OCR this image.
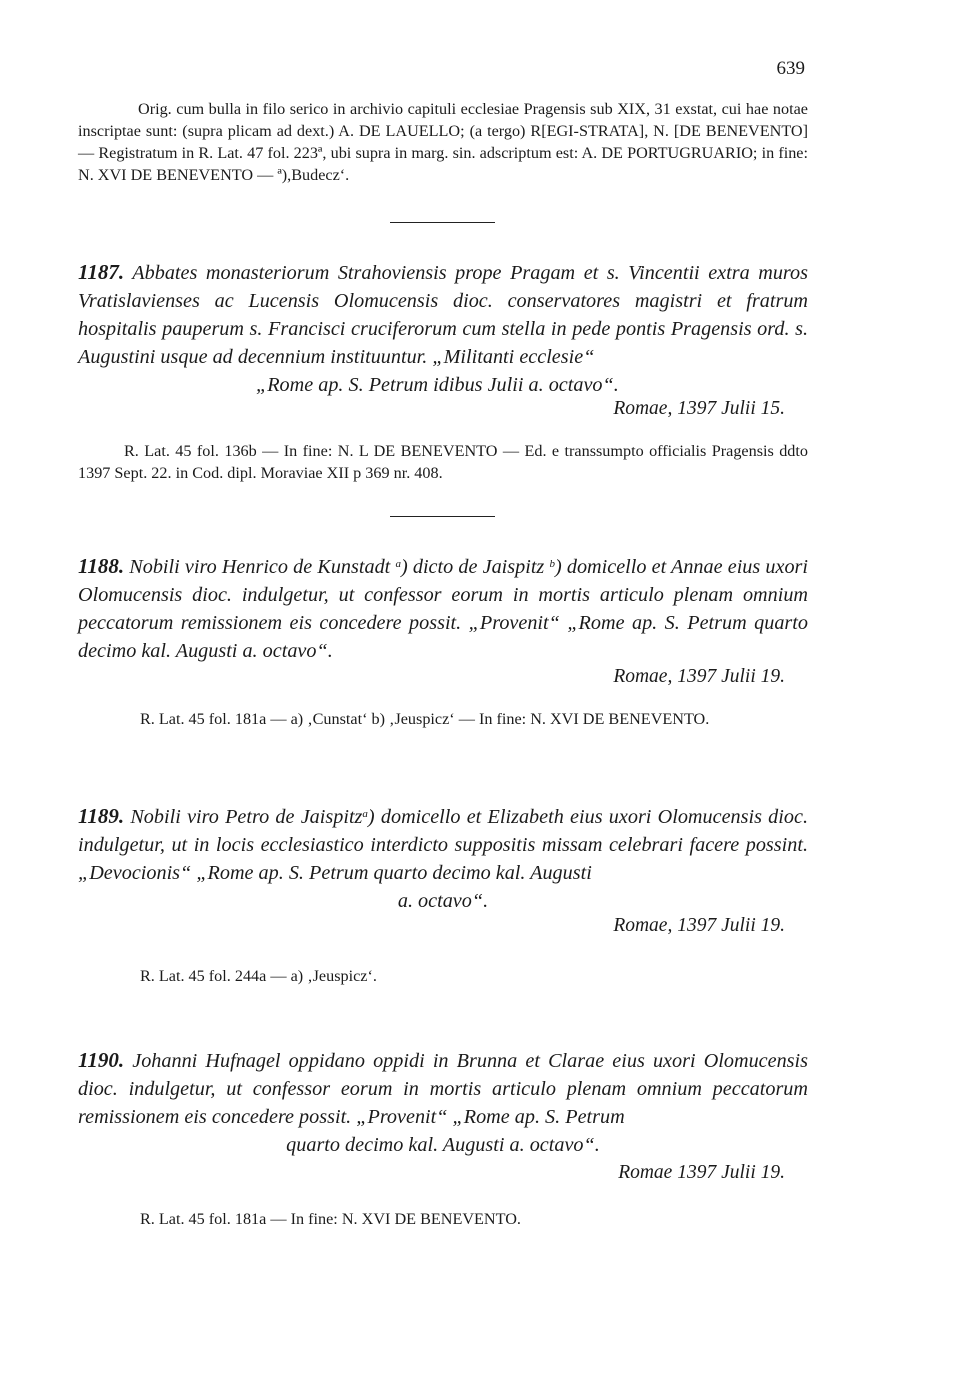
639
Orig. cum bulla in filo serico in archivio capituli ecclesiae Pragensis sub XIX, 31 exstat, cui hae notae inscriptae sunt: (supra plicam ad dext.) A. DE LAUELLO; (a tergo) R[EGI-STRATA], N. [DE BENEVENTO] — Registratum in R. Lat. 47 fol. 223ª, ubi supra in marg. sin. adscriptum est: A. DE PORTUGRUARIO; in fine: N. XVI DE BENEVENTO — ª),Budecz‘.
1187. Abbates monasteriorum Strahoviensis prope Pragam et s. Vincentii extra muros Vratislavienses ac Lucensis Olomucensis dioc. conservatores magistri et fratrum hospitalis pauperum s. Francisci cruciferorum cum stella in pede pontis Pragensis ord. s. Augustini usque ad decennium instituuntur. „Militanti ecclesie“
„Rome ap. S. Petrum idibus Julii a. octavo“.
Romae, 1397 Julii 15.
R. Lat. 45 fol. 136b — In fine: N. L DE BENEVENTO — Ed. e transsumpto officialis Pragensis ddto 1397 Sept. 22. in Cod. dipl. Moraviae XII p 369 nr. 408.
1188. Nobili viro Henrico de Kunstadt $^a$) dicto de Jaispitz $^b$) domicello et Annae eius uxori Olomucensis dioc. indulgetur, ut confessor eorum in mortis articulo plenam omnium peccatorum remissionem eis concedere possit. „Provenit“ „Rome ap. S. Petrum quarto decimo kal. Augusti a. octavo“.
Romae, 1397 Julii 19.
R. Lat. 45 fol. 181a — a) ‚Cunstat‘ b) ‚Jeuspicz‘ — In fine: N. XVI DE BENEVENTO.
1189. Nobili viro Petro de Jaispitz$^a$) domicello et Elizabeth eius uxori Olomucensis dioc. indulgetur, ut in locis ecclesiastico interdicto suppositis missam celebrari facere possint. „Devocionis“ „Rome ap. S. Petrum quarto decimo kal. Augusti
a. octavo“.
Romae, 1397 Julii 19.
R. Lat. 45 fol. 244a — a) ‚Jeuspicz‘.
1190. Johanni Hufnagel oppidano oppidi in Brunna et Clarae eius uxori Olomucensis dioc. indulgetur, ut confessor eorum in mortis articulo plenam omnium peccatorum remissionem eis concedere possit. „Provenit“ „Rome ap. S. Petrum
quarto decimo kal. Augusti a. octavo“.
Romae 1397 Julii 19.
R. Lat. 45 fol. 181a — In fine: N. XVI DE BENEVENTO.
